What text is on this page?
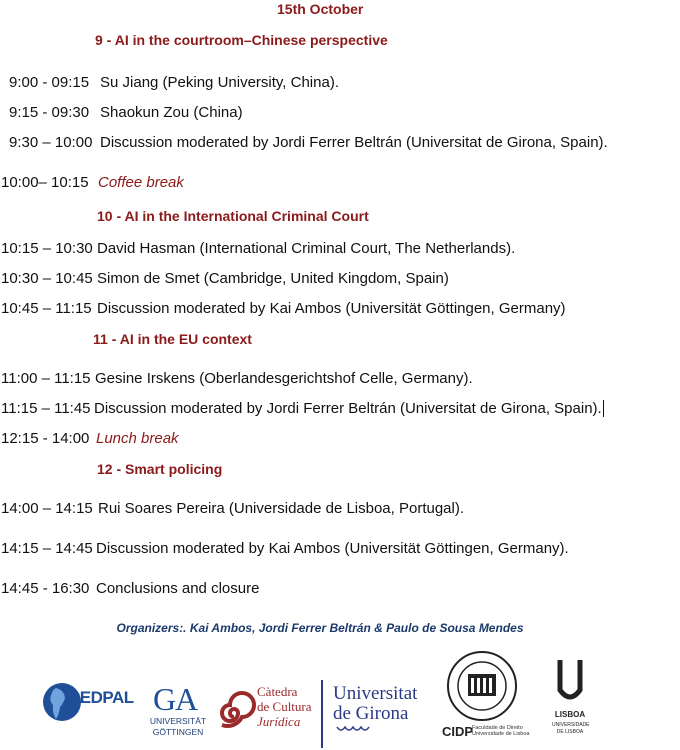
15th October
9 - AI in the courtroom–Chinese perspective
9:00 - 09:15 Su Jiang (Peking University, China).
9:15 - 09:30 Shaokun Zou (China)
9:30 – 10:00 Discussion moderated by Jordi Ferrer Beltrán (Universitat de Girona, Spain).
10:00– 10:15 Coffee break
10 - AI in the International Criminal Court
10:15 – 10:30 David Hasman (International Criminal Court, The Netherlands).
10:30 – 10:45 Simon de Smet (Cambridge, United Kingdom, Spain)
10:45 – 11:15 Discussion moderated by Kai Ambos (Universität Göttingen, Germany)
11 - AI in the EU context
11:00 – 11:15 Gesine Irskens (Oberlandesgerichtshof Celle, Germany).
11:15 – 11:45 Discussion moderated by Jordi Ferrer Beltrán (Universitat de Girona, Spain).
12:15 - 14:00 Lunch break
12 - Smart policing
14:00 – 14:15 Rui Soares Pereira (Universidade de Lisboa, Portugal).
14:15 – 14:45 Discussion moderated by Kai Ambos (Universität Göttingen, Germany).
14:45 - 16:30 Conclusions and closure
Organizers:. Kai Ambos, Jordi Ferrer Beltrán & Paulo de Sousa Mendes
CEDPAL G
A
UNIVERSITÄT
GÖTTINGEN
Càtedra
de Cultura
Jurídica
Universitat
de Girona
CIDP
Faculdade de Direito
Universidade de Lisboa
LISBOA
UNIVERSIDADE
DE LISBOA
